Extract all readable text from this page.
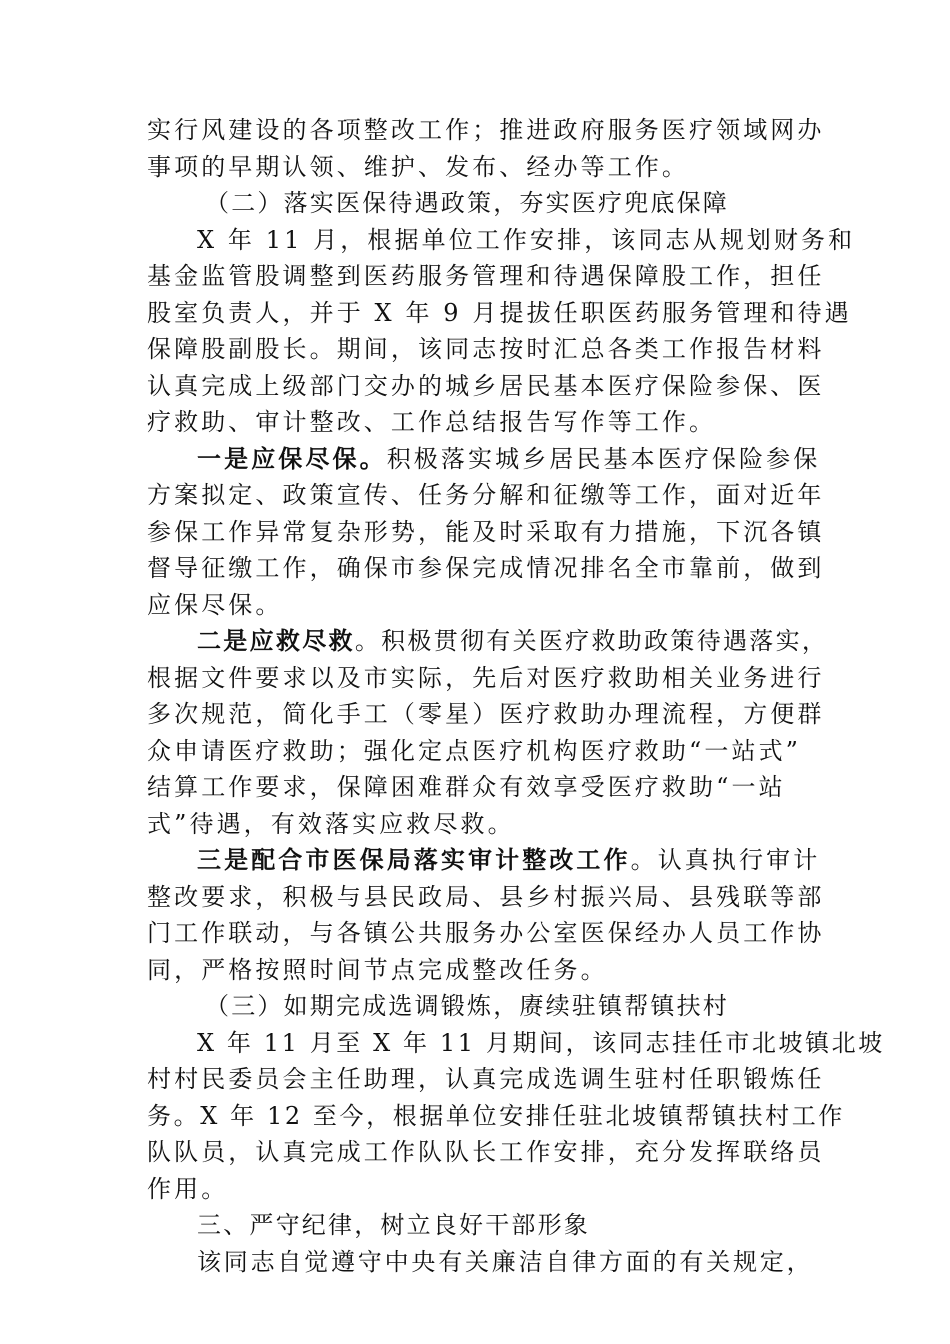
实行风建设的各项整改工作；推进政府服务医疗领域网办
事项的早期认领、维护、发布、经办等工作。
（二）落实医保待遇政策，夯实医疗兜底保障
X 年 11 月，根据单位工作安排，该同志从规划财务和
基金监管股调整到医药服务管理和待遇保障股工作，担任
股室负责人，并于 X 年 9 月提拔任职医药服务管理和待遇
保障股副股长。期间，该同志按时汇总各类工作报告材料
认真完成上级部门交办的城乡居民基本医疗保险参保、医
疗救助、审计整改、工作总结报告写作等工作。
一是应保尽保。积极落实城乡居民基本医疗保险参保
方案拟定、政策宣传、任务分解和征缴等工作，面对近年
参保工作异常复杂形势，能及时采取有力措施，下沉各镇
督导征缴工作，确保市参保完成情况排名全市靠前，做到
应保尽保。
二是应救尽救。积极贯彻有关医疗救助政策待遇落实，
根据文件要求以及市实际，先后对医疗救助相关业务进行
多次规范，简化手工（零星）医疗救助办理流程，方便群
众申请医疗救助；强化定点医疗机构医疗救助“一站式”
结算工作要求，保障困难群众有效享受医疗救助“一站
式”待遇，有效落实应救尽救。
三是配合市医保局落实审计整改工作。认真执行审计
整改要求，积极与县民政局、县乡村振兴局、县残联等部
门工作联动，与各镇公共服务办公室医保经办人员工作协
同，严格按照时间节点完成整改任务。
（三）如期完成选调锻炼，赓续驻镇帮镇扶村
X 年 11 月至 X 年 11 月期间，该同志挂任市北坡镇北坡
村村民委员会主任助理，认真完成选调生驻村任职锻炼任
务。X 年 12 至今，根据单位安排任驻北坡镇帮镇扶村工作
队队员，认真完成工作队队长工作安排，充分发挥联络员
作用。
三、严守纪律，树立良好干部形象
该同志自觉遵守中央有关廉洁自律方面的有关规定，
